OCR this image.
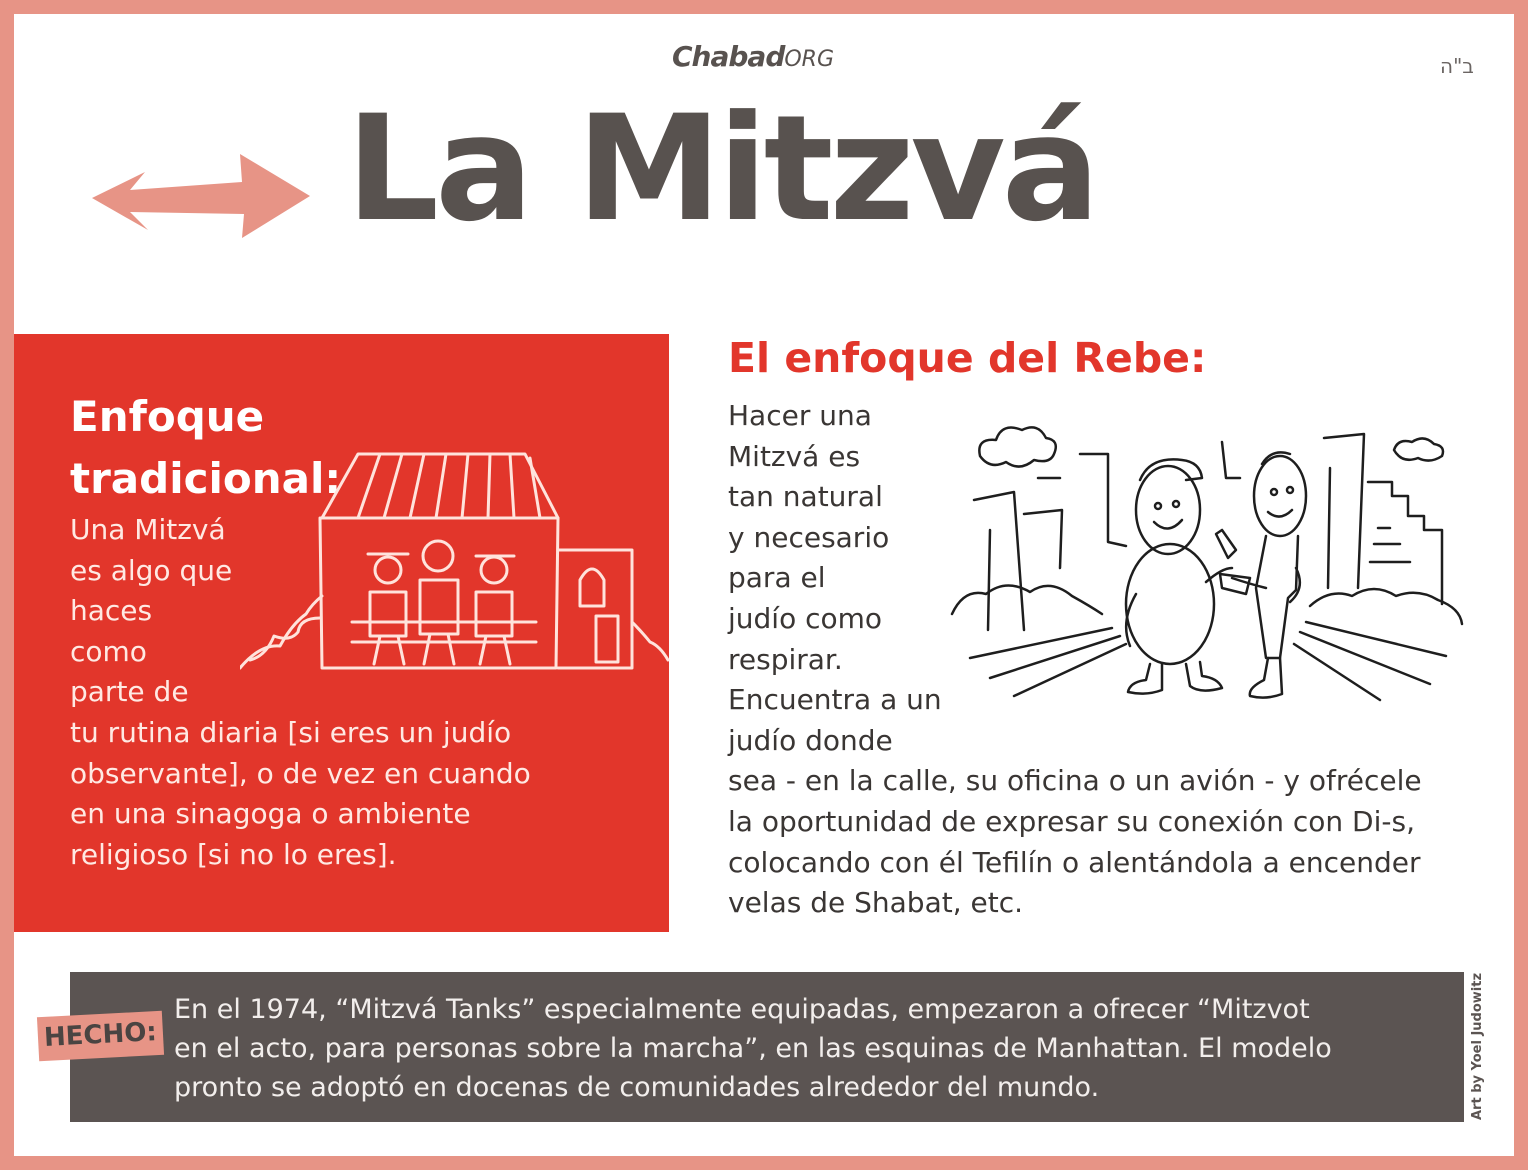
ChabadORG	ב"ה
La Mitzvá
Enfoque
tradicional:
Una Mitzvá
es algo que
haces
como
parte de
tu rutina diaria [si eres un judío
observante], o de vez en cuando
en una sinagoga o ambiente
religioso [si no lo eres].
El enfoque del Rebe:
Hacer una
Mitzvá es
tan natural
y necesario
para el
judío como
respirar.
Encuentra a un
judío donde
sea - en la calle, su oficina o un avión - y ofrécele
la oportunidad de expresar su conexión con Di-s,
colocando con él Tefilín o alentándola a encender
velas de Shabat, etc.
HECHO:
En el 1974, “Mitzvá Tanks” especialmente equipadas, empezaron a ofrecer “Mitzvot
en el acto, para personas sobre la marcha”, en las esquinas de Manhattan. El modelo
pronto se adoptó en docenas de comunidades alrededor del mundo.	Art by Yoel Judowitz
